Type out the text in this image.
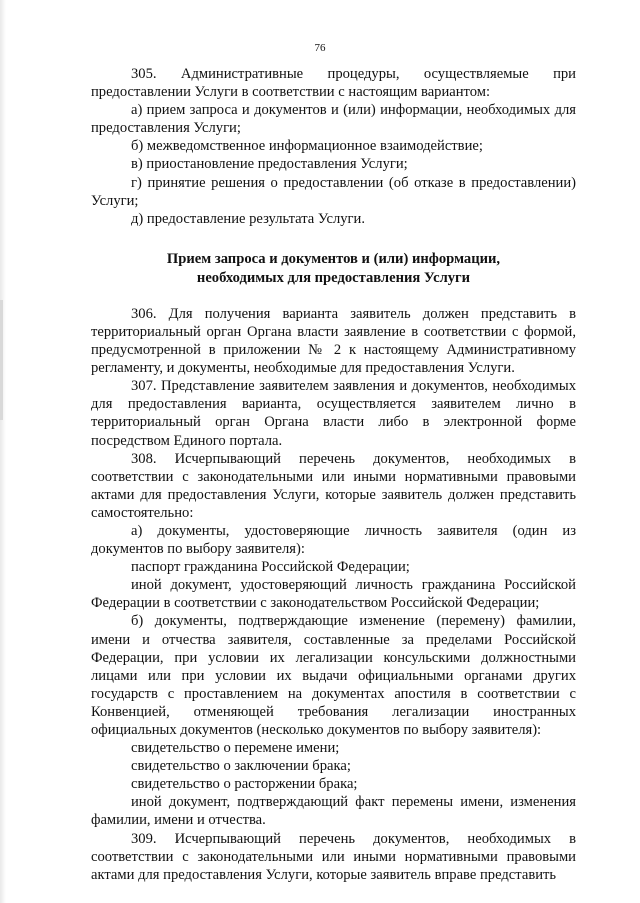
76

305. Административные процедуры, осуществляемые при предоставлении Услуги в соответствии с настоящим вариантом:

а) прием запроса и документов и (или) информации, необходимых для предоставления Услуги;

б) межведомственное информационное взаимодействие;

в) приостановление предоставления Услуги;

г) принятие решения о предоставлении (об отказе в предоставлении) Услуги;

д) предоставление результата Услуги.

Прием запроса и документов и (или) информации,
необходимых для предоставления Услуги

306. Для получения варианта заявитель должен представить в территориальный орган Органа власти заявление в соответствии с формой, предусмотренной в приложении № 2 к настоящему Административному регламенту, и документы, необходимые для предоставления Услуги.

307. Представление заявителем заявления и документов, необходимых для предоставления варианта, осуществляется заявителем лично в территориальный орган Органа власти либо в электронной форме посредством Единого портала.

308. Исчерпывающий перечень документов, необходимых в соответствии с законодательными или иными нормативными правовыми актами для предоставления Услуги, которые заявитель должен представить самостоятельно:

а) документы, удостоверяющие личность заявителя (один из документов по выбору заявителя):

паспорт гражданина Российской Федерации;

иной документ, удостоверяющий личность гражданина Российской Федерации в соответствии с законодательством Российской Федерации;

б) документы, подтверждающие изменение (перемену) фамилии, имени и отчества заявителя, составленные за пределами Российской Федерации, при условии их легализации консульскими должностными лицами или при условии их выдачи официальными органами других государств с проставлением на документах апостиля в соответствии с Конвенцией, отменяющей требования легализации иностранных официальных документов (несколько документов по выбору заявителя):

свидетельство о перемене имени;

свидетельство о заключении брака;

свидетельство о расторжении брака;

иной документ, подтверждающий факт перемены имени, изменения фамилии, имени и отчества.

309. Исчерпывающий перечень документов, необходимых в соответствии с законодательными или иными нормативными правовыми актами для предоставления Услуги, которые заявитель вправе представить
